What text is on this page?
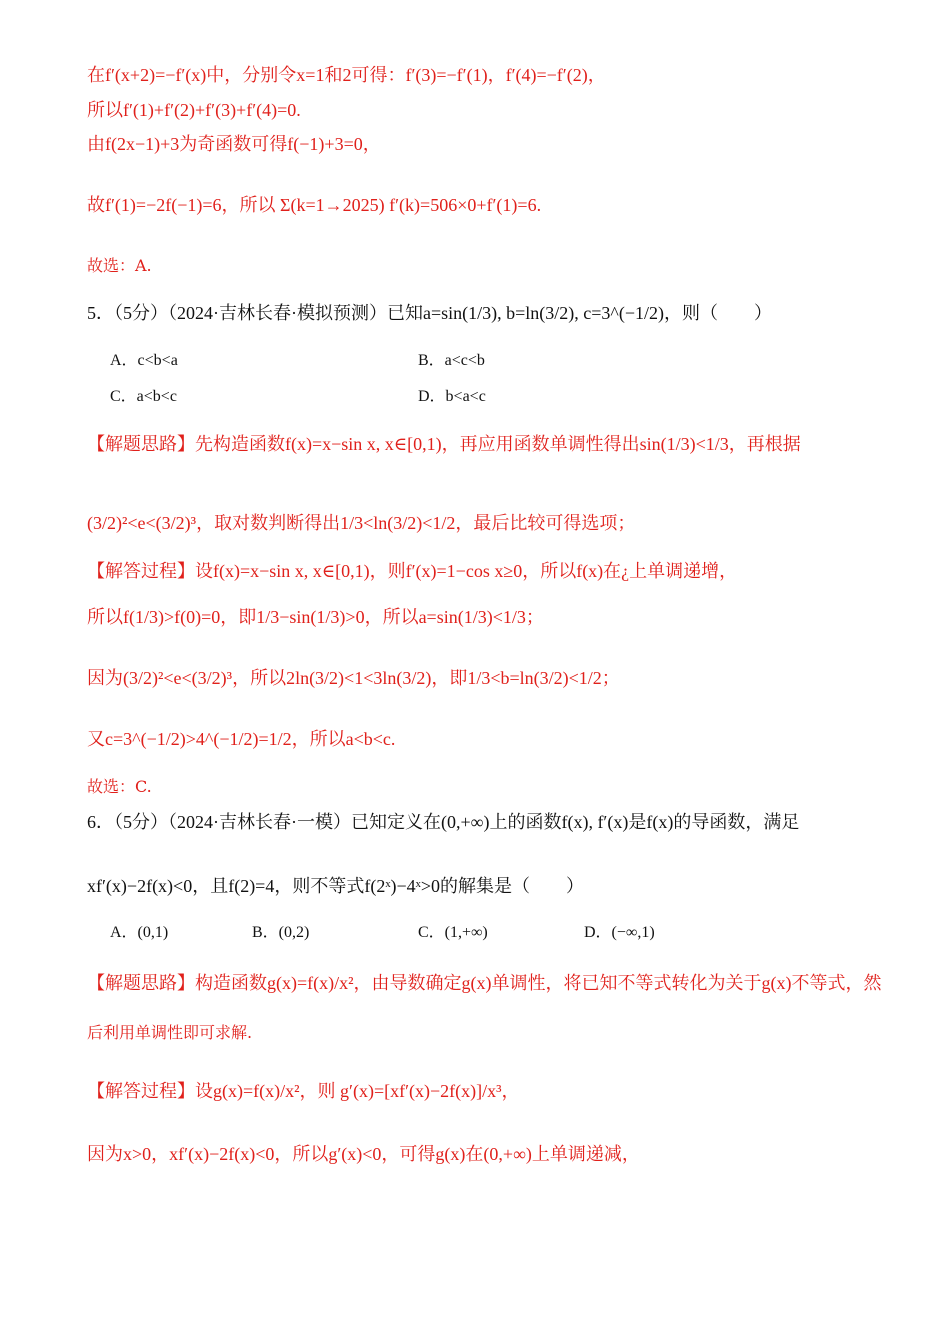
在f′(x+2)=−f′(x)中，分别令x=1和2可得：f′(3)=−f′(1)，f′(4)=−f′(2)，
所以f′(1)+f′(2)+f′(3)+f′(4)=0.
由f(2x−1)+3为奇函数可得f(−1)+3=0，
故f′(1)=−2f(−1)=6，所以 Σ(k=1→2025) f′(k)=506×0+f′(1)=6.
故选：A.
5．（5分）（2024·吉林长春·模拟预测）已知a=sin(1/3), b=ln(3/2), c=3^(−1/2)，则（　　）
A．c<b<a	B．a<c<b
C．a<b<c	D．b<a<c
【解题思路】先构造函数f(x)=x−sin x, x∈[0,1)，再应用函数单调性得出sin(1/3)<1/3，再根据
(3/2)²<e<(3/2)³，取对数判断得出1/3<ln(3/2)<1/2，最后比较可得选项；
【解答过程】设f(x)=x−sin x, x∈[0,1)，则f′(x)=1−cos x≥0，所以f(x)在¿上单调递增，
所以f(1/3)>f(0)=0，即1/3−sin(1/3)>0，所以a=sin(1/3)<1/3；
因为(3/2)²<e<(3/2)³，所以2ln(3/2)<1<3ln(3/2)，即1/3<b=ln(3/2)<1/2；
又c=3^(−1/2)>4^(−1/2)=1/2，所以a<b<c.
故选：C.
6．（5分）（2024·吉林长春·一模）已知定义在(0,+∞)上的函数f(x), f′(x)是f(x)的导函数，满足
xf′(x)−2f(x)<0，且f(2)=4，则不等式f(2ˣ)−4ˣ>0的解集是（　　）
A．(0,1)	B．(0,2)	C．(1,+∞)	D．(−∞,1)
【解题思路】构造函数g(x)=f(x)/x²，由导数确定g(x)单调性，将已知不等式转化为关于g(x)不等式，然
后利用单调性即可求解.
【解答过程】设g(x)=f(x)/x²，则 g′(x)=[xf′(x)−2f(x)]/x³，
因为x>0，xf′(x)−2f(x)<0，所以g′(x)<0，可得g(x)在(0,+∞)上单调递减，
